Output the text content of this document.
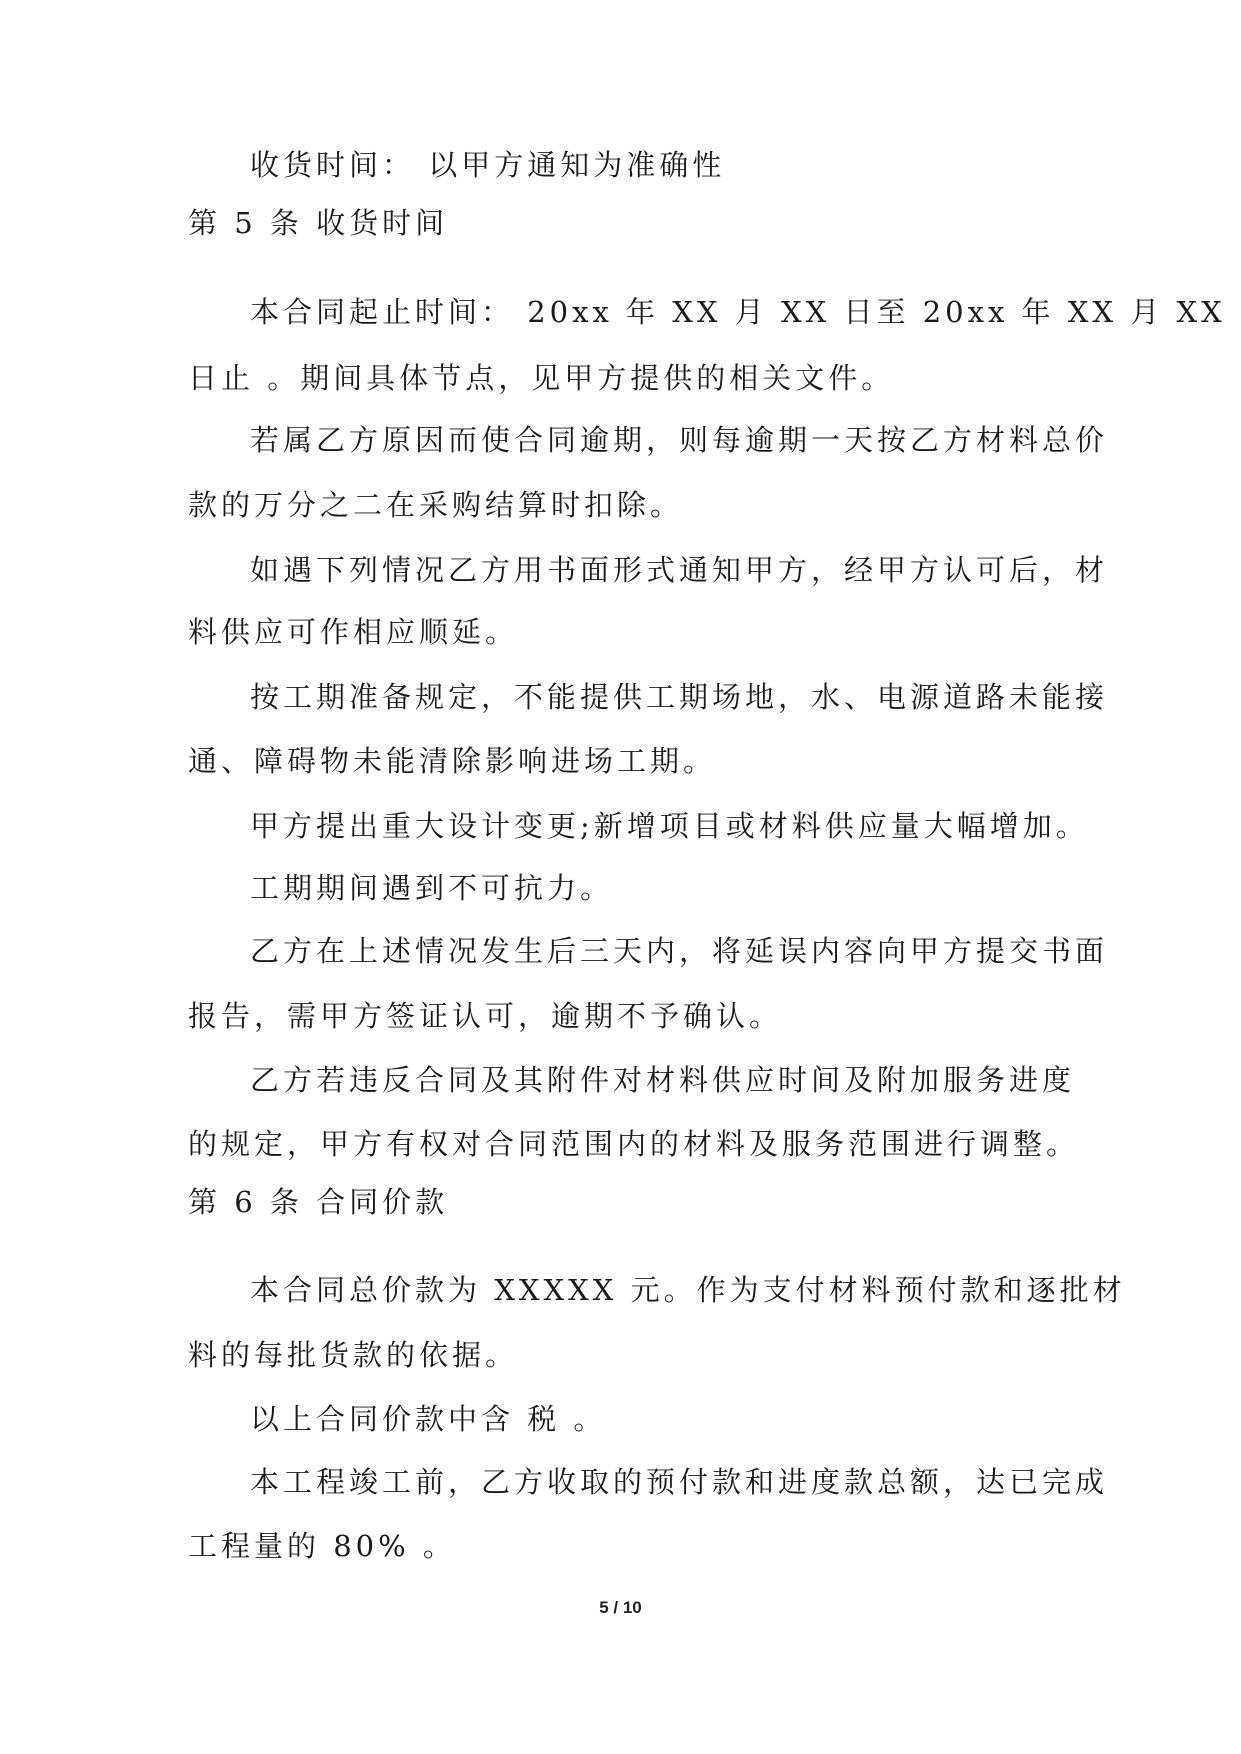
收货时间： 以甲方通知为准确性
第 5 条 收货时间
本合同起止时间： 20xx 年 XX 月 XX 日至 20xx 年 XX 月 XX
日止 。期间具体节点，见甲方提供的相关文件。
若属乙方原因而使合同逾期，则每逾期一天按乙方材料总价
款的万分之二在采购结算时扣除。
如遇下列情况乙方用书面形式通知甲方，经甲方认可后，材
料供应可作相应顺延。
按工期准备规定，不能提供工期场地，水、电源道路未能接
通、障碍物未能清除影响进场工期。
甲方提出重大设计变更;新增项目或材料供应量大幅增加。
工期期间遇到不可抗力。
乙方在上述情况发生后三天内，将延误内容向甲方提交书面
报告，需甲方签证认可，逾期不予确认。
乙方若违反合同及其附件对材料供应时间及附加服务进度
的规定，甲方有权对合同范围内的材料及服务范围进行调整。
第 6 条 合同价款
本合同总价款为 XXXXX 元。作为支付材料预付款和逐批材
料的每批货款的依据。
以上合同价款中含 税 。
本工程竣工前，乙方收取的预付款和进度款总额，达已完成
工程量的 80% 。
5 / 10
